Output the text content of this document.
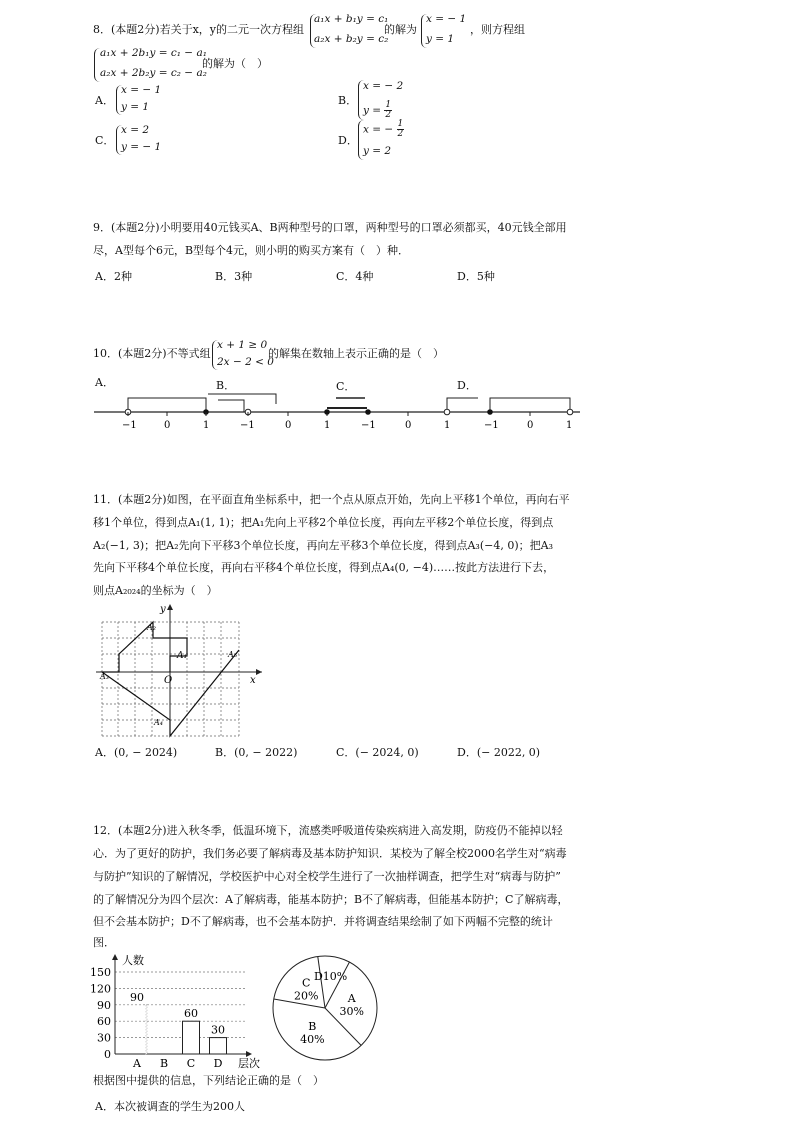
8．(本题2分)若关于x，y的二元一次方程组
a₁x + b₁y = c₁
a₂x + b₂y = c₂
的解为
x = − 1
y = 1
，则方程组
a₁x + 2b₁y = c₁ − a₁
a₂x + 2b₂y = c₂ − a₂
的解为（　）
A．
x = − 1
y = 1	B．
x = − 2
$y = \frac{1}{2}$
C．
x = 2
y = − 1	D．
x = − $\frac{1}{2}$
y = 2
9．(本题2分)小明要用40元钱买A、B两种型号的口罩，两种型号的口罩必须都买，40元钱全部用
尽，A型每个6元，B型每个4元，则小明的购买方案有（　）种．
A．2种	B．3种	C．4种	D．5种
10．(本题2分)不等式组
x + 1 ≥ 0
2x − 2 < 0
的解集在数轴上表示正确的是（　）
A．	B．	C．	D．
−1	0	1	−1	0	1	−1	0	1	−1	0	1
11．(本题2分)如图，在平面直角坐标系中，把一个点从原点开始，先向上平移1个单位，再向右平
移1个单位，得到点A₁(1, 1)；把A₁先向上平移2个单位长度，再向左平移2个单位长度，得到点
A₂(−1, 3)；把A₂先向下平移3个单位长度，再向左平移3个单位长度，得到点A₃(−4, 0)；把A₃
先向下平移4个单位长度，再向右平移4个单位长度，得到点A₄(0, −4)……按此方法进行下去，
则点A₂₀₂₄的坐标为（　）
y
x
O
A₁
A₂
A₃
A₄
A₅
A．(0, − 2024)	B．(0, − 2022)	C．(− 2024, 0)	D．(− 2022, 0)
12．(本题2分)进入秋冬季，低温环境下，流感类呼吸道传染疾病进入高发期，防疫仍不能掉以轻
心．为了更好的防护，我们务必要了解病毒及基本防护知识．某校为了解全校2000名学生对“病毒
与防护”知识的了解情况，学校医护中心对全校学生进行了一次抽样调查，把学生对“病毒与防护”
的了解情况分为四个层次：A了解病毒，能基本防护；B不了解病毒，但能基本防护；C了解病毒，
但不会基本防护；D不了解病毒，也不会基本防护．并将调查结果绘制了如下两幅不完整的统计
图．
人数
层次
0
30
60
90
120
150
A
90
B C
60
D
30
C
20%
D10%
A
30%
B
40%
根据图中提供的信息，下列结论正确的是（　）
A．本次被调查的学生为200人
